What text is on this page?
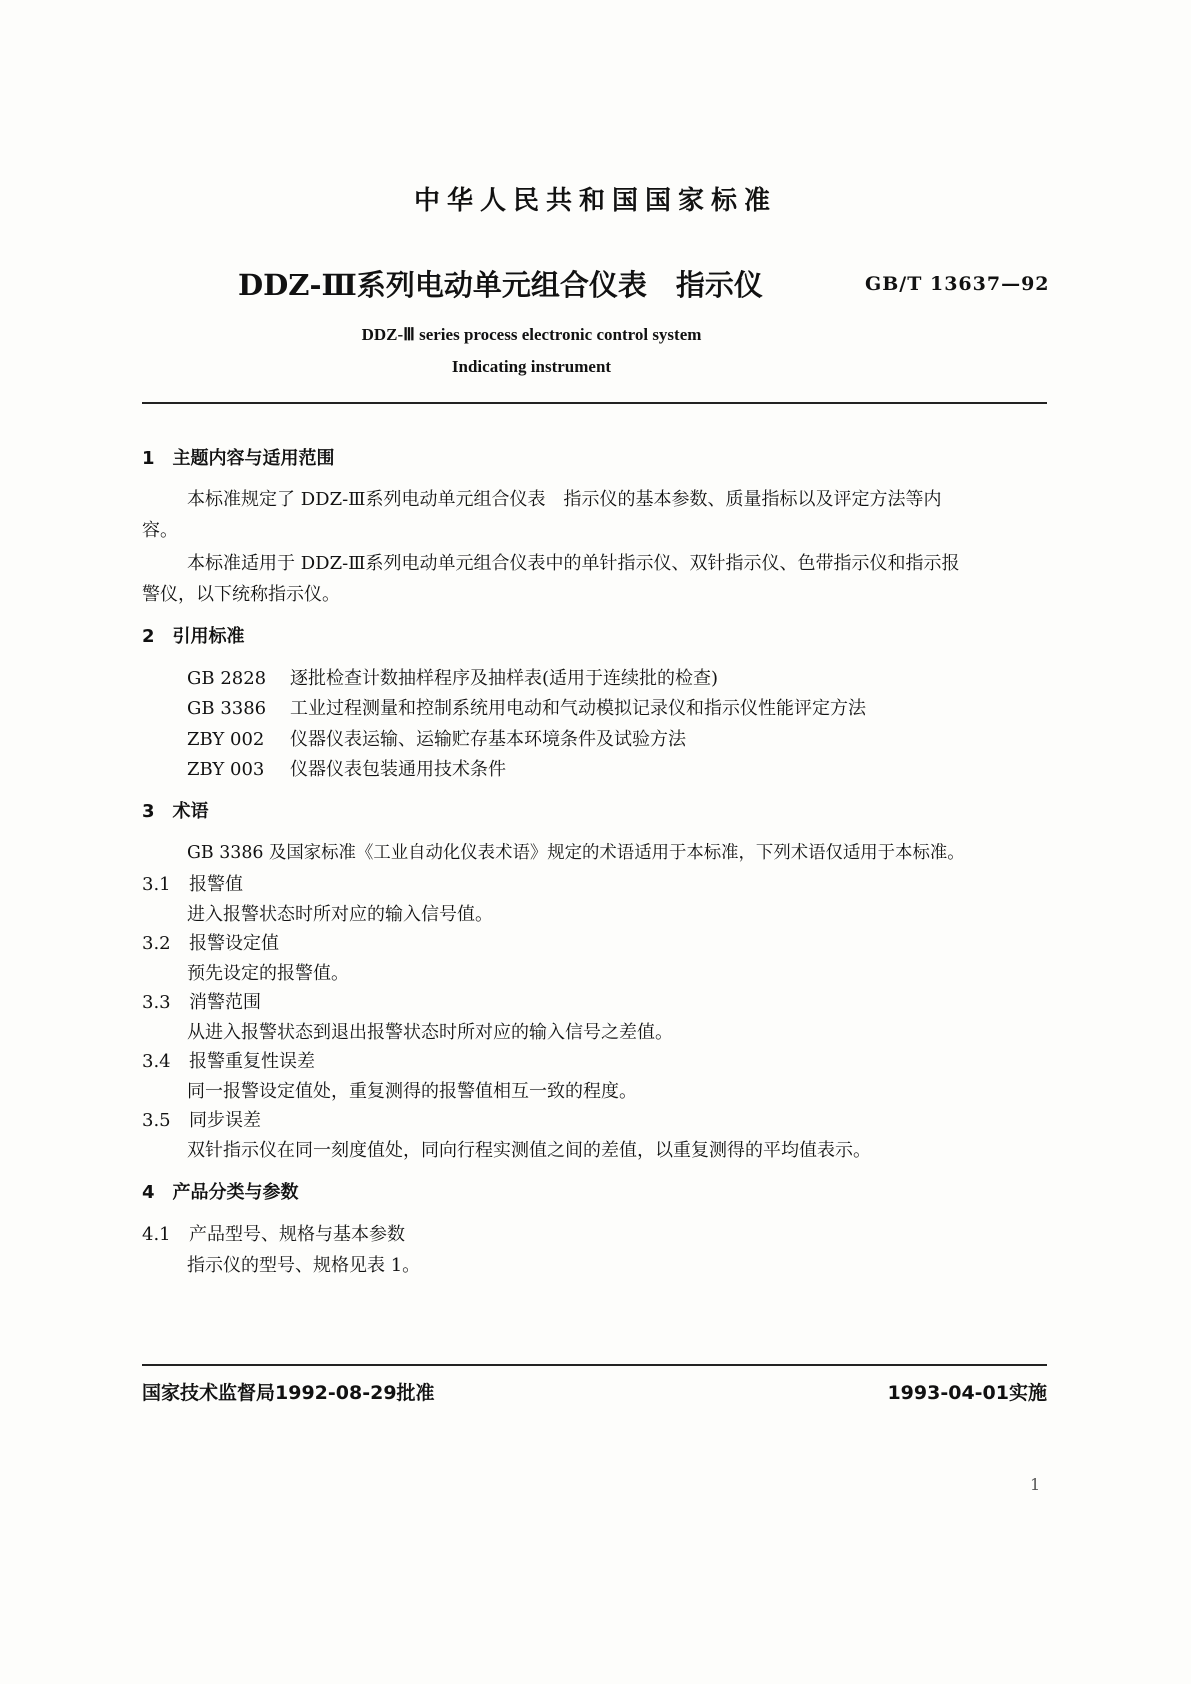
中华人民共和国国家标准
DDZ-Ⅲ系列电动单元组合仪表　指示仪	GB/T 13637—92
DDZ-Ⅲ series process electronic control system
Indicating instrument
1　主题内容与适用范围
本标准规定了 DDZ-Ⅲ系列电动单元组合仪表　指示仪的基本参数、质量指标以及评定方法等内
容。
本标准适用于 DDZ-Ⅲ系列电动单元组合仪表中的单针指示仪、双针指示仪、色带指示仪和指示报
警仪，以下统称指示仪。
2　引用标准
GB 2828 逐批检查计数抽样程序及抽样表(适用于连续批的检查)
GB 3386 工业过程测量和控制系统用电动和气动模拟记录仪和指示仪性能评定方法
ZBY 002 仪器仪表运输、运输贮存基本环境条件及试验方法
ZBY 003 仪器仪表包装通用技术条件
3　术语
GB 3386 及国家标准《工业自动化仪表术语》规定的术语适用于本标准，下列术语仅适用于本标准。
3.1 报警值
进入报警状态时所对应的输入信号值。
3.2 报警设定值
预先设定的报警值。
3.3 消警范围
从进入报警状态到退出报警状态时所对应的输入信号之差值。
3.4 报警重复性误差
同一报警设定值处，重复测得的报警值相互一致的程度。
3.5 同步误差
双针指示仪在同一刻度值处，同向行程实测值之间的差值，以重复测得的平均值表示。
4　产品分类与参数
4.1 产品型号、规格与基本参数
指示仪的型号、规格见表 1。
国家技术监督局1992-08-29批准	1993-04-01实施
1
